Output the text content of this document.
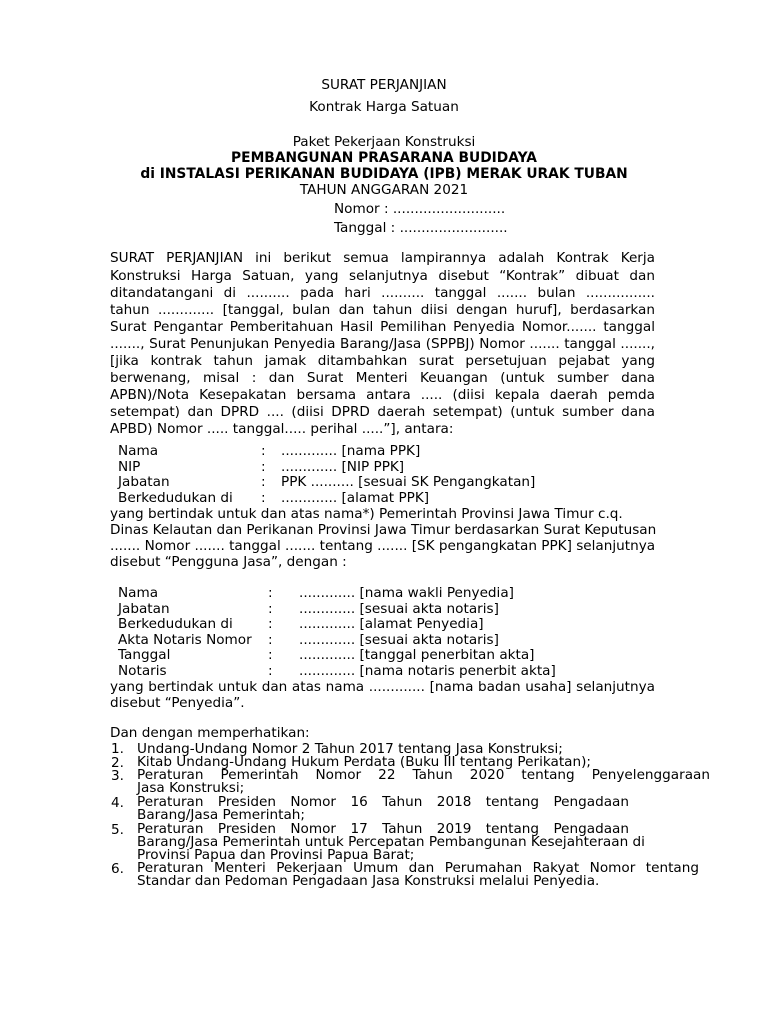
SURAT PERJANJIAN
Kontrak Harga Satuan
Paket Pekerjaan Konstruksi
PEMBANGUNAN PRASARANA BUDIDAYA
di INSTALASI PERIKANAN BUDIDAYA (IPB) MERAK URAK TUBAN
TAHUN ANGGARAN 2021
Nomor : ..........................
Tanggal : .........................
SURAT PERJANJIAN ini berikut semua lampirannya adalah Kontrak Kerja
Konstruksi Harga Satuan, yang selanjutnya disebut “Kontrak” dibuat dan
ditandatangani di .......... pada hari .......... tanggal ....... bulan ................
tahun ............. [tanggal, bulan dan tahun diisi dengan huruf], berdasarkan
Surat Pengantar Pemberitahuan Hasil Pemilihan Penyedia Nomor....... tanggal
......., Surat Penunjukan Penyedia Barang/Jasa (SPPBJ) Nomor ....... tanggal .......,
[jika kontrak tahun jamak ditambahkan surat persetujuan pejabat yang
berwenang, misal : dan Surat Menteri Keuangan (untuk sumber dana
APBN)/Nota Kesepakatan bersama antara ..... (diisi kepala daerah pemda
setempat) dan DPRD .... (diisi DPRD daerah setempat) (untuk sumber dana
APBD) Nomor ..... tanggal..... perihal .....”], antara:
Nama	: ............. [nama PPK]
NIP	: ............. [NIP PPK]
Jabatan	: PPK .......... [sesuai SK Pengangkatan]
Berkedudukan di : ............. [alamat PPK]
yang bertindak untuk dan atas nama*) Pemerintah Provinsi Jawa Timur c.q.
Dinas Kelautan dan Perikanan Provinsi Jawa Timur berdasarkan Surat Keputusan
....... Nomor ....... tanggal ....... tentang ....... [SK pengangkatan PPK] selanjutnya
disebut “Pengguna Jasa”, dengan :
Nama	: ............. [nama wakli Penyedia]
Jabatan	: ............. [sesuai akta notaris]
Berkedudukan di	: ............. [alamat Penyedia]
Akta Notaris Nomor : ............. [sesuai akta notaris]
Tanggal	: ............. [tanggal penerbitan akta]
Notaris	: ............. [nama notaris penerbit akta]
yang bertindak untuk dan atas nama ............. [nama badan usaha] selanjutnya
disebut “Penyedia”.
Dan dengan memperhatikan:
1. Undang-Undang Nomor 2 Tahun 2017 tentang Jasa Konstruksi;
2. Kitab Undang-Undang Hukum Perdata (Buku III tentang Perikatan);
3. Peraturan Pemerintah Nomor 22 Tahun 2020 tentang Penyelenggaraan
Jasa Konstruksi;
4. Peraturan Presiden Nomor 16 Tahun 2018 tentang Pengadaan
Barang/Jasa Pemerintah;
5. Peraturan Presiden Nomor 17 Tahun 2019 tentang Pengadaan
Barang/Jasa Pemerintah untuk Percepatan Pembangunan Kesejahteraan di
Provinsi Papua dan Provinsi Papua Barat;
6. Peraturan Menteri Pekerjaan Umum dan Perumahan Rakyat Nomor tentang
Standar dan Pedoman Pengadaan Jasa Konstruksi melalui Penyedia.
